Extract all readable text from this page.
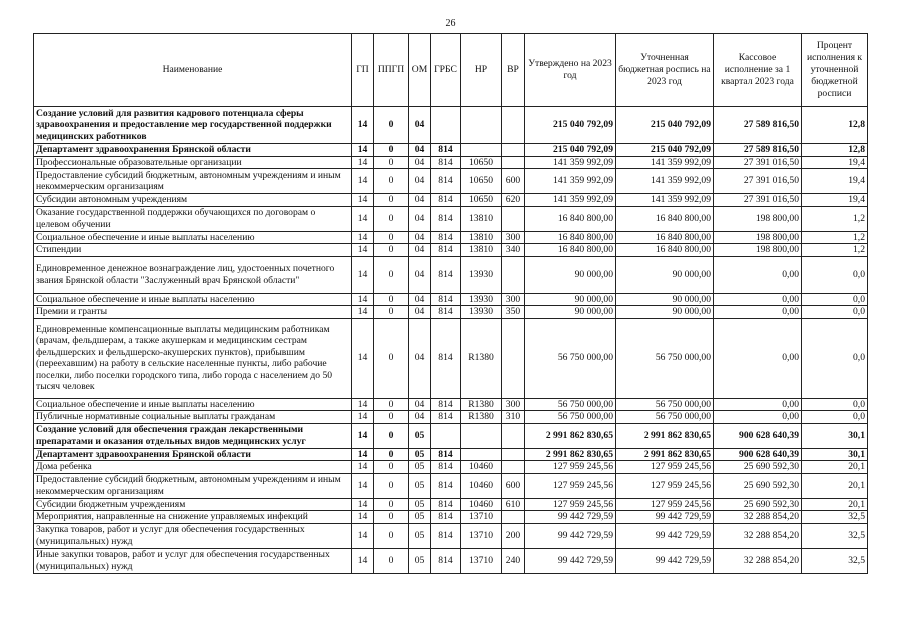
26
Наименование	ГП	ППГП	ОМ	ГРБС	НР	ВР	Утверждено на 2023 год	Уточненная бюджетная роспись на 2023 год	Кассовое исполнение за 1 квартал 2023 года	Процент исполнения к уточненной бюджетной росписи
Создание условий для развития кадрового потенциала сферы здравоохранения и предоставление мер государственной поддержки медицинских работников	14	0	04				215 040 792,09	215 040 792,09	27 589 816,50	12,8
Департамент здравоохранения Брянской области	14	0	04	814			215 040 792,09	215 040 792,09	27 589 816,50	12,8
Профессиональные образовательные организации	14	0	04	814	10650		141 359 992,09	141 359 992,09	27 391 016,50	19,4
Предоставление субсидий бюджетным, автономным учреждениям и иным некоммерческим организациям	14	0	04	814	10650	600	141 359 992,09	141 359 992,09	27 391 016,50	19,4
Субсидии автономным учреждениям	14	0	04	814	10650	620	141 359 992,09	141 359 992,09	27 391 016,50	19,4
Оказание государственной поддержки обучающихся по договорам о целевом обучении	14	0	04	814	13810		16 840 800,00	16 840 800,00	198 800,00	1,2
Социальное обеспечение и иные выплаты населению	14	0	04	814	13810	300	16 840 800,00	16 840 800,00	198 800,00	1,2
Стипендии	14	0	04	814	13810	340	16 840 800,00	16 840 800,00	198 800,00	1,2
Единовременное денежное вознаграждение лиц, удостоенных почетного звания Брянской области "Заслуженный врач Брянской области"	14	0	04	814	13930		90 000,00	90 000,00	0,00	0,0
Социальное обеспечение и иные выплаты населению	14	0	04	814	13930	300	90 000,00	90 000,00	0,00	0,0
Премии и гранты	14	0	04	814	13930	350	90 000,00	90 000,00	0,00	0,0
Единовременные компенсационные выплаты медицинским работникам (врачам, фельдшерам, а также акушеркам и медицинским сестрам фельдшерских и фельдшерско-акушерских пунктов), прибывшим (переехавшим) на работу в сельские населенные пункты, либо рабочие поселки, либо поселки городского типа, либо города с населением до 50 тысяч человек	14	0	04	814	R1380		56 750 000,00	56 750 000,00	0,00	0,0
Социальное обеспечение и иные выплаты населению	14	0	04	814	R1380	300	56 750 000,00	56 750 000,00	0,00	0,0
Публичные нормативные социальные выплаты гражданам	14	0	04	814	R1380	310	56 750 000,00	56 750 000,00	0,00	0,0
Создание условий для обеспечения граждан лекарственными препаратами и оказания отдельных видов медицинских услуг	14	0	05				2 991 862 830,65	2 991 862 830,65	900 628 640,39	30,1
Департамент здравоохранения Брянской области	14	0	05	814			2 991 862 830,65	2 991 862 830,65	900 628 640,39	30,1
Дома ребенка	14	0	05	814	10460		127 959 245,56	127 959 245,56	25 690 592,30	20,1
Предоставление субсидий бюджетным, автономным учреждениям и иным некоммерческим организациям	14	0	05	814	10460	600	127 959 245,56	127 959 245,56	25 690 592,30	20,1
Субсидии бюджетным учреждениям	14	0	05	814	10460	610	127 959 245,56	127 959 245,56	25 690 592,30	20,1
Мероприятия, направленные на снижение управляемых инфекций	14	0	05	814	13710		99 442 729,59	99 442 729,59	32 288 854,20	32,5
Закупка товаров, работ и услуг для обеспечения государственных (муниципальных) нужд	14	0	05	814	13710	200	99 442 729,59	99 442 729,59	32 288 854,20	32,5
Иные закупки товаров, работ и услуг для обеспечения государственных (муниципальных) нужд	14	0	05	814	13710	240	99 442 729,59	99 442 729,59	32 288 854,20	32,5
